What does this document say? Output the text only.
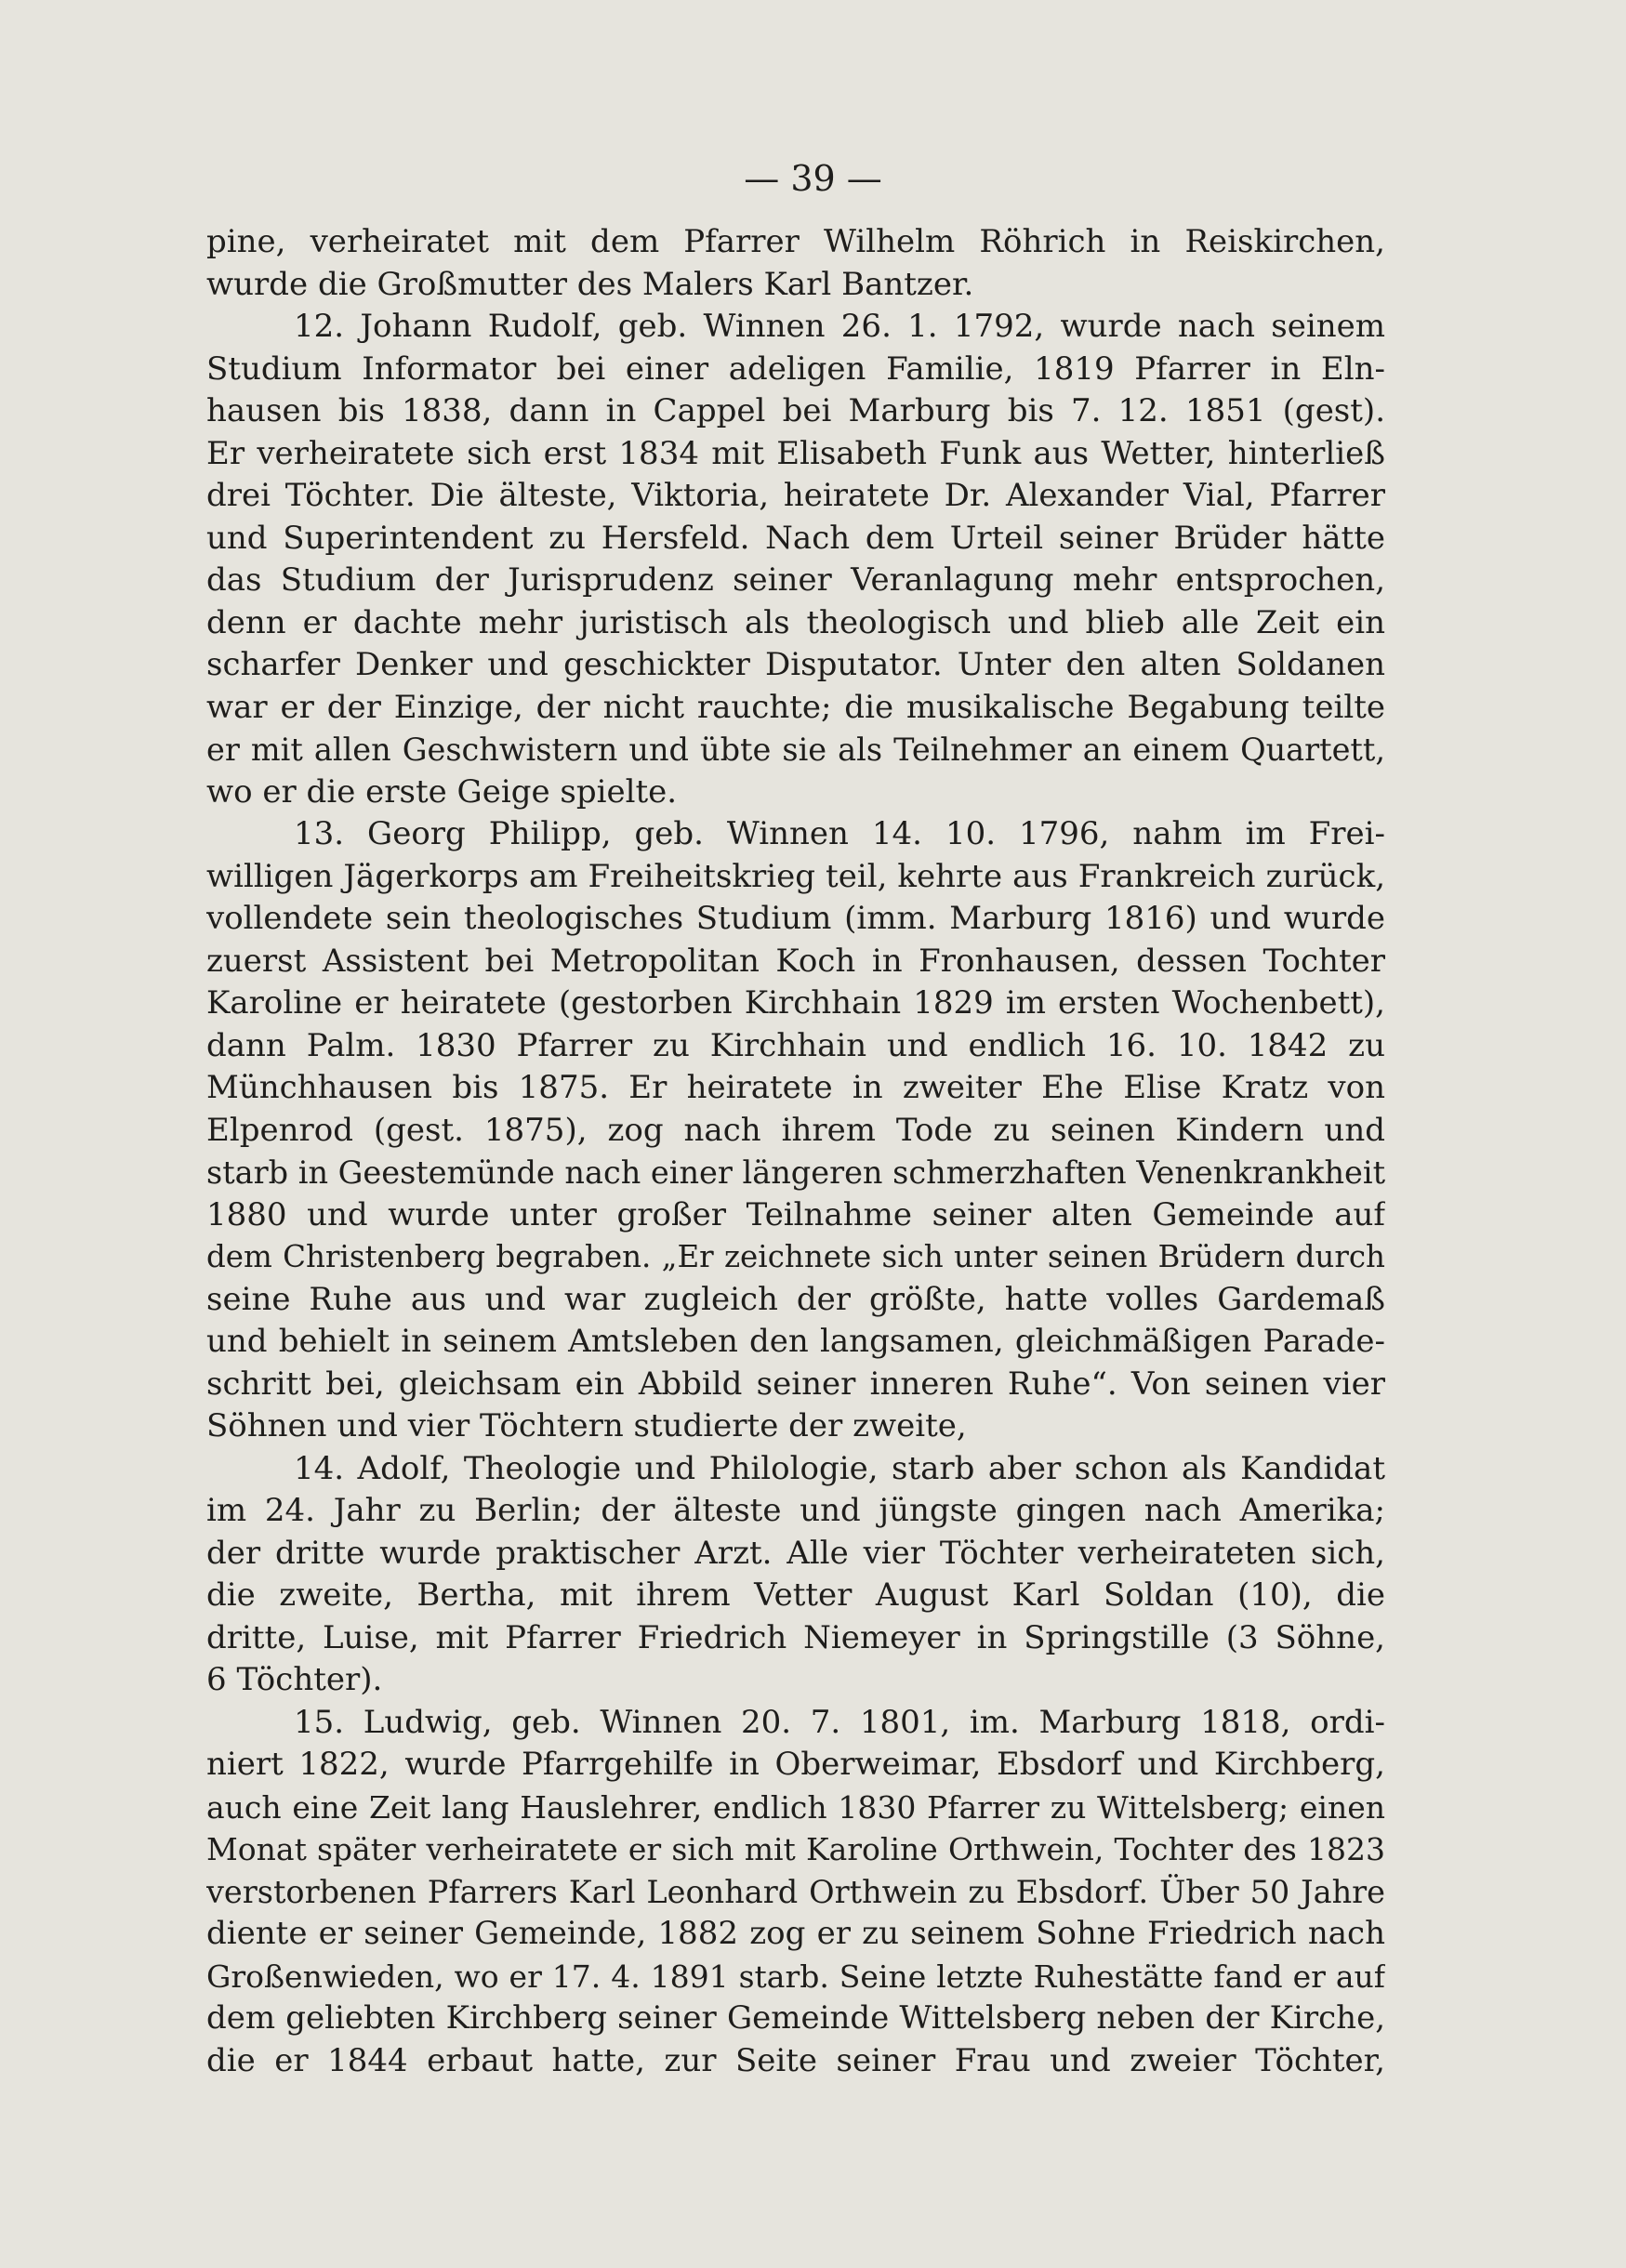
— 39 —
pine, verheiratet mit dem Pfarrer Wilhelm Röhrich in Reiskirchen,
wurde die Großmutter des Malers Karl Bantzer.
12. Johann Rudolf, geb. Winnen 26. 1. 1792, wurde nach seinem
Studium Informator bei einer adeligen Familie, 1819 Pfarrer in Eln-
hausen bis 1838, dann in Cappel bei Marburg bis 7. 12. 1851 (gest).
Er verheiratete sich erst 1834 mit Elisabeth Funk aus Wetter, hinterließ
drei Töchter. Die älteste, Viktoria, heiratete Dr. Alexander Vial, Pfarrer
und Superintendent zu Hersfeld. Nach dem Urteil seiner Brüder hätte
das Studium der Jurisprudenz seiner Veranlagung mehr entsprochen,
denn er dachte mehr juristisch als theologisch und blieb alle Zeit ein
scharfer Denker und geschickter Disputator. Unter den alten Soldanen
war er der Einzige, der nicht rauchte; die musikalische Begabung teilte
er mit allen Geschwistern und übte sie als Teilnehmer an einem Quartett,
wo er die erste Geige spielte.
13. Georg Philipp, geb. Winnen 14. 10. 1796, nahm im Frei-
willigen Jägerkorps am Freiheitskrieg teil, kehrte aus Frankreich zurück,
vollendete sein theologisches Studium (imm. Marburg 1816) und wurde
zuerst Assistent bei Metropolitan Koch in Fronhausen, dessen Tochter
Karoline er heiratete (gestorben Kirchhain 1829 im ersten Wochenbett),
dann Palm. 1830 Pfarrer zu Kirchhain und endlich 16. 10. 1842 zu
Münchhausen bis 1875. Er heiratete in zweiter Ehe Elise Kratz von
Elpenrod (gest. 1875), zog nach ihrem Tode zu seinen Kindern und
starb in Geestemünde nach einer längeren schmerzhaften Venenkrankheit
1880 und wurde unter großer Teilnahme seiner alten Gemeinde auf
dem Christenberg begraben. „Er zeichnete sich unter seinen Brüdern durch
seine Ruhe aus und war zugleich der größte, hatte volles Gardemaß
und behielt in seinem Amtsleben den langsamen, gleichmäßigen Parade-
schritt bei, gleichsam ein Abbild seiner inneren Ruhe“. Von seinen vier
Söhnen und vier Töchtern studierte der zweite,
14. Adolf, Theologie und Philologie, starb aber schon als Kandidat
im 24. Jahr zu Berlin; der älteste und jüngste gingen nach Amerika;
der dritte wurde praktischer Arzt. Alle vier Töchter verheirateten sich,
die zweite, Bertha, mit ihrem Vetter August Karl Soldan (10), die
dritte, Luise, mit Pfarrer Friedrich Niemeyer in Springstille (3 Söhne,
6 Töchter).
15. Ludwig, geb. Winnen 20. 7. 1801, im. Marburg 1818, ordi-
niert 1822, wurde Pfarrgehilfe in Oberweimar, Ebsdorf und Kirchberg,
auch eine Zeit lang Hauslehrer, endlich 1830 Pfarrer zu Wittelsberg; einen
Monat später verheiratete er sich mit Karoline Orthwein, Tochter des 1823
verstorbenen Pfarrers Karl Leonhard Orthwein zu Ebsdorf. Über 50 Jahre
diente er seiner Gemeinde, 1882 zog er zu seinem Sohne Friedrich nach
Großenwieden, wo er 17. 4. 1891 starb. Seine letzte Ruhestätte fand er auf
dem geliebten Kirchberg seiner Gemeinde Wittelsberg neben der Kirche,
die er 1844 erbaut hatte, zur Seite seiner Frau und zweier Töchter,
